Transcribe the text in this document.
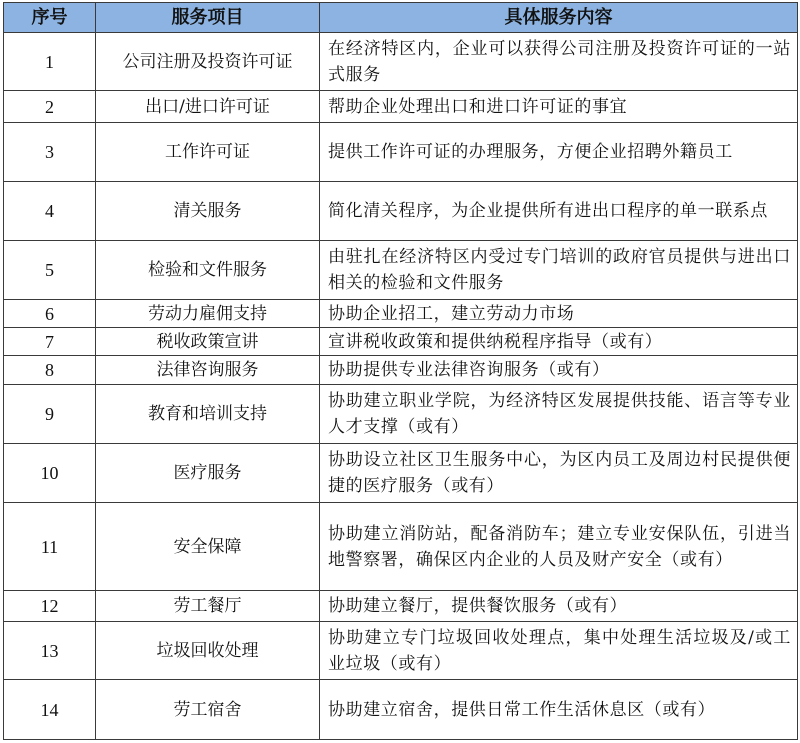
序号	服务项目	具体服务内容
1	公司注册及投资许可证	在经济特区内，企业可以获得公司注册及投资许可证的一站式服务
2	出口/进口许可证	帮助企业处理出口和进口许可证的事宜
3	工作许可证	提供工作许可证的办理服务，方便企业招聘外籍员工
4	清关服务	简化清关程序，为企业提供所有进出口程序的单一联系点
5	检验和文件服务	由驻扎在经济特区内受过专门培训的政府官员提供与进出口相关的检验和文件服务
6	劳动力雇佣支持	协助企业招工，建立劳动力市场
7	税收政策宣讲	宣讲税收政策和提供纳税程序指导（或有）
8	法律咨询服务	协助提供专业法律咨询服务（或有）
9	教育和培训支持	协助建立职业学院，为经济特区发展提供技能、语言等专业人才支撑（或有）
10	医疗服务	协助设立社区卫生服务中心，为区内员工及周边村民提供便捷的医疗服务（或有）
11	安全保障	协助建立消防站，配备消防车；建立专业安保队伍，引进当地警察署，确保区内企业的人员及财产安全（或有）
12	劳工餐厅	协助建立餐厅，提供餐饮服务（或有）
13	垃圾回收处理	协助建立专门垃圾回收处理点，集中处理生活垃圾及/或工业垃圾（或有）
14	劳工宿舍	协助建立宿舍，提供日常工作生活休息区（或有）
